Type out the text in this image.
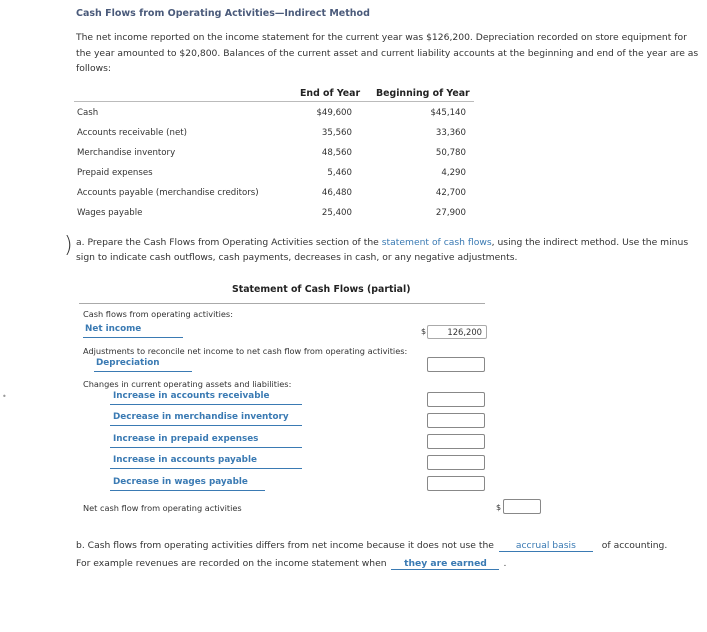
Cash Flows from Operating Activities—Indirect Method
The net income reported on the income statement for the current year was $126,200. Depreciation recorded on store equipment for the year amounted to $20,800. Balances of the current asset and current liability accounts at the beginning and end of the year are as follows:
End of Year Beginning of Year
Cash	$49,600	$45,140
Accounts receivable (net)	35,560	33,360
Merchandise inventory	48,560	50,780
Prepaid expenses	5,460	4,290
Accounts payable (merchandise creditors)	46,480	42,700
Wages payable	25,400	27,900
) a. Prepare the Cash Flows from Operating Activities section of the statement of cash flows, using the indirect method. Use the minus sign to indicate cash outflows, cash payments, decreases in cash, or any negative adjustments.
Statement of Cash Flows (partial)
Cash flows from operating activities:
Net income	$	126,200
Adjustments to reconcile net income to net cash flow from operating activities:
Depreciation
Changes in current operating assets and liabilities:
Increase in accounts receivable
Decrease in merchandise inventory
Increase in prepaid expenses
Increase in accounts payable
Decrease in wages payable
Net cash flow from operating activities	$
b. Cash flows from operating activities differs from net income because it does not use the accrual basis	of accounting.
For example revenues are recorded on the income statement when they are earned .
•
